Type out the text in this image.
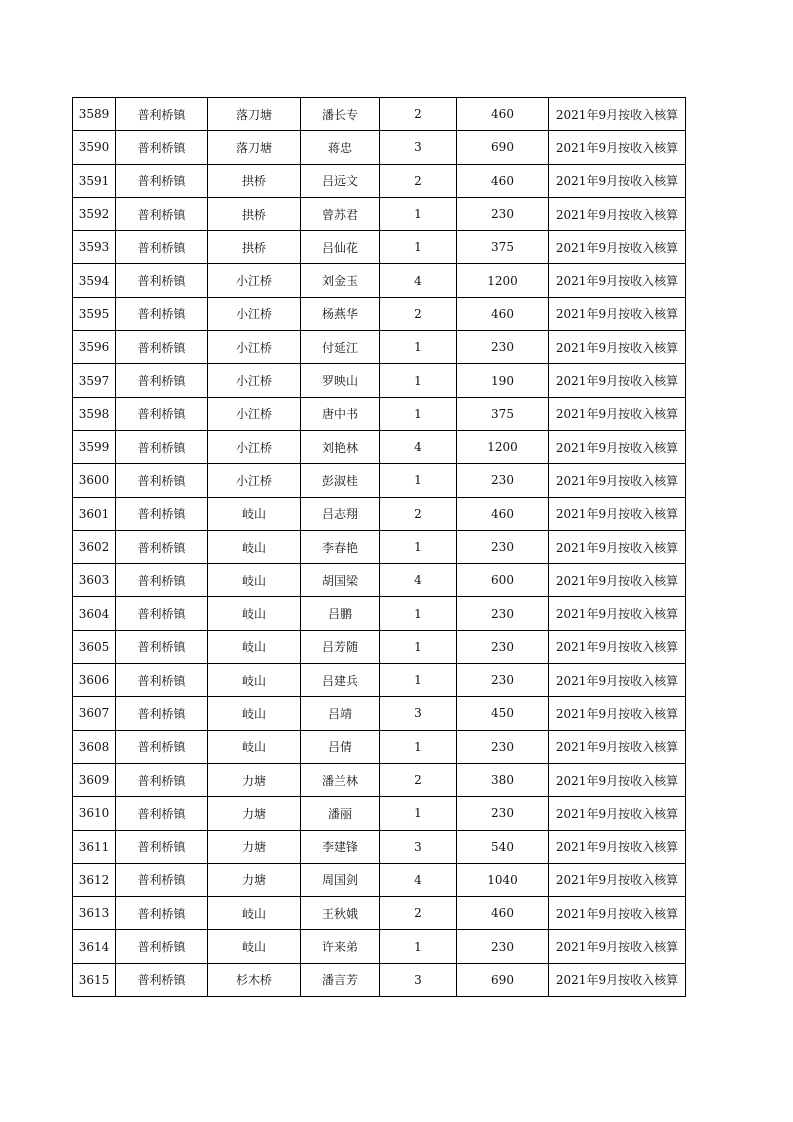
3589	普利桥镇	落刀塘	潘长专	2	460	2021年9月按收入核算
3590	普利桥镇	落刀塘	蒋忠	3	690	2021年9月按收入核算
3591	普利桥镇	拱桥	吕远文	2	460	2021年9月按收入核算
3592	普利桥镇	拱桥	曾苏君	1	230	2021年9月按收入核算
3593	普利桥镇	拱桥	吕仙花	1	375	2021年9月按收入核算
3594	普利桥镇	小江桥	刘金玉	4	1200	2021年9月按收入核算
3595	普利桥镇	小江桥	杨燕华	2	460	2021年9月按收入核算
3596	普利桥镇	小江桥	付延江	1	230	2021年9月按收入核算
3597	普利桥镇	小江桥	罗映山	1	190	2021年9月按收入核算
3598	普利桥镇	小江桥	唐中书	1	375	2021年9月按收入核算
3599	普利桥镇	小江桥	刘艳林	4	1200	2021年9月按收入核算
3600	普利桥镇	小江桥	彭淑桂	1	230	2021年9月按收入核算
3601	普利桥镇	岐山	吕志翔	2	460	2021年9月按收入核算
3602	普利桥镇	岐山	李春艳	1	230	2021年9月按收入核算
3603	普利桥镇	岐山	胡国梁	4	600	2021年9月按收入核算
3604	普利桥镇	岐山	吕鹏	1	230	2021年9月按收入核算
3605	普利桥镇	岐山	吕芳随	1	230	2021年9月按收入核算
3606	普利桥镇	岐山	吕建兵	1	230	2021年9月按收入核算
3607	普利桥镇	岐山	吕靖	3	450	2021年9月按收入核算
3608	普利桥镇	岐山	吕倩	1	230	2021年9月按收入核算
3609	普利桥镇	力塘	潘兰林	2	380	2021年9月按收入核算
3610	普利桥镇	力塘	潘丽	1	230	2021年9月按收入核算
3611	普利桥镇	力塘	李建锋	3	540	2021年9月按收入核算
3612	普利桥镇	力塘	周国剑	4	1040	2021年9月按收入核算
3613	普利桥镇	岐山	王秋娥	2	460	2021年9月按收入核算
3614	普利桥镇	岐山	许来弟	1	230	2021年9月按收入核算
3615	普利桥镇	杉木桥	潘言芳	3	690	2021年9月按收入核算
